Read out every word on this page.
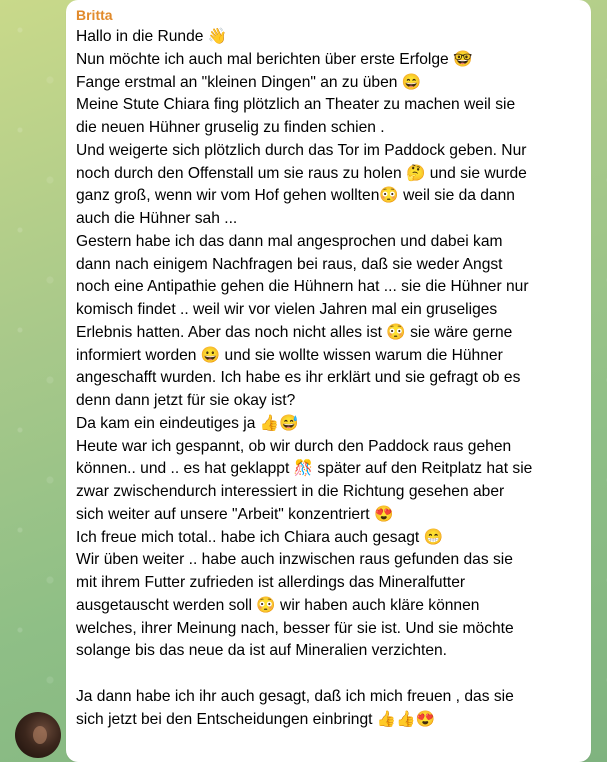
Britta
Hallo in die Runde 👋
Nun möchte ich auch mal berichten über erste Erfolge 🤓
Fange erstmal an "kleinen Dingen" an zu üben 😄
Meine Stute Chiara fing plötzlich an Theater zu machen weil sie
die neuen Hühner gruselig zu finden schien .
Und weigerte sich plötzlich durch das Tor im Paddock geben. Nur
noch durch den Offenstall um sie raus zu holen 🤔 und sie wurde
ganz groß, wenn wir vom Hof gehen wollten😳 weil sie da dann
auch die Hühner sah ...
Gestern habe ich das dann mal angesprochen und dabei kam
dann nach einigem Nachfragen bei raus, daß sie weder Angst
noch eine Antipathie gehen die Hühnern hat ... sie die Hühner nur
komisch findet .. weil wir vor vielen Jahren mal ein gruseliges
Erlebnis hatten. Aber das noch nicht alles ist 😳 sie wäre gerne
informiert worden 😀 und sie wollte wissen warum die Hühner
angeschafft wurden. Ich habe es ihr erklärt und sie gefragt ob es
denn dann jetzt für sie okay ist?
Da kam ein eindeutiges ja 👍😅
Heute war ich gespannt, ob wir durch den Paddock raus gehen
können.. und .. es hat geklappt 🎊 später auf den Reitplatz hat sie
zwar zwischendurch interessiert in die Richtung gesehen aber
sich weiter auf unsere "Arbeit" konzentriert 😍
Ich freue mich total.. habe ich Chiara auch gesagt 😁
Wir üben weiter .. habe auch inzwischen raus gefunden das sie
mit ihrem Futter zufrieden ist allerdings das Mineralfutter
ausgetauscht werden soll 😳 wir haben auch kläre können
welches, ihrer Meinung nach, besser für sie ist. Und sie möchte
solange bis das neue da ist auf Mineralien verzichten.
Ja dann habe ich ihr auch gesagt, daß ich mich freuen , das sie
sich jetzt bei den Entscheidungen einbringt 👍👍😍
